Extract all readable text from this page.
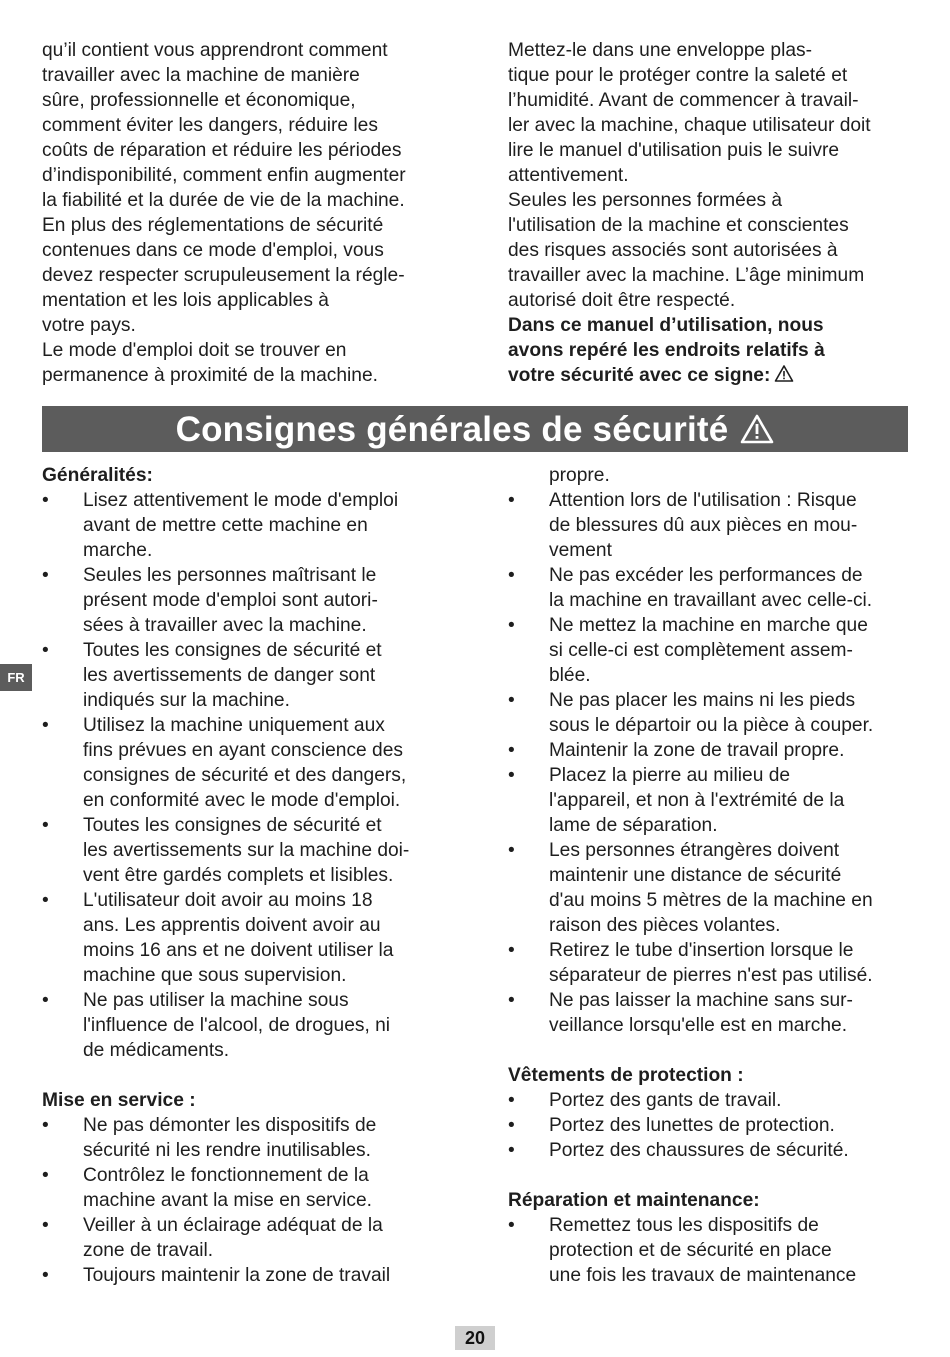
qu’il contient vous apprendront comment
travailler avec la machine de manière
sûre, professionnelle et économique,
comment éviter les dangers, réduire les
coûts de réparation et réduire les périodes
d’indisponibilité, comment enfin augmenter
la fiabilité et la durée de vie de la machine.
En plus des réglementations de sécurité
contenues dans ce mode d'emploi, vous
devez respecter scrupuleusement la régle-
mentation et les lois applicables à
votre pays.
Le mode d'emploi doit se trouver en
permanence à proximité de la machine.
Mettez-le dans une enveloppe plas-
tique pour le protéger contre la saleté et
l’humidité. Avant de commencer à travail-
ler avec la machine, chaque utilisateur doit
lire le manuel d'utilisation puis le suivre
attentivement.
Seules les personnes formées à
l'utilisation de la machine et conscientes
des risques associés sont autorisées à
travailler avec la machine. L’âge minimum
autorisé doit être respecté.
Dans ce manuel d’utilisation, nous
avons repéré les endroits relatifs à
votre sécurité avec ce signe:
Consignes générales de sécurité
FR
Généralités:
• Lisez attentivement le mode d'emploi
avant de mettre cette machine en
marche.
• Seules les personnes maîtrisant le
présent mode d'emploi sont autori-
sées à travailler avec la machine.
• Toutes les consignes de sécurité et
les avertissements de danger sont
indiqués sur la machine.
• Utilisez la machine uniquement aux
fins prévues en ayant conscience des
consignes de sécurité et des dangers,
en conformité avec le mode d'emploi.
• Toutes les consignes de sécurité et
les avertissements sur la machine doi-
vent être gardés complets et lisibles.
• L'utilisateur doit avoir au moins 18
ans. Les apprentis doivent avoir au
moins 16 ans et ne doivent utiliser la
machine que sous supervision.
• Ne pas utiliser la machine sous
l'influence de l'alcool, de drogues, ni
de médicaments.
Mise en service :
• Ne pas démonter les dispositifs de
sécurité ni les rendre inutilisables.
• Contrôlez le fonctionnement de la
machine avant la mise en service.
• Veiller à un éclairage adéquat de la
zone de travail.
• Toujours maintenir la zone de travail
propre.
• Attention lors de l'utilisation : Risque
de blessures dû aux pièces en mou-
vement
• Ne pas excéder les performances de
la machine en travaillant avec celle-ci.
• Ne mettez la machine en marche que
si celle-ci est complètement assem-
blée.
• Ne pas placer les mains ni les pieds
sous le départoir ou la pièce à couper.
• Maintenir la zone de travail propre.
• Placez la pierre au milieu de
l'appareil, et non à l'extrémité de la
lame de séparation.
• Les personnes étrangères doivent
maintenir une distance de sécurité
d'au moins 5 mètres de la machine en
raison des pièces volantes.
• Retirez le tube d'insertion lorsque le
séparateur de pierres n'est pas utilisé.
• Ne pas laisser la machine sans sur-
veillance lorsqu'elle est en marche.
Vêtements de protection :
• Portez des gants de travail.
• Portez des lunettes de protection.
• Portez des chaussures de sécurité.
Réparation et maintenance:
• Remettez tous les dispositifs de
protection et de sécurité en place
une fois les travaux de maintenance
20
